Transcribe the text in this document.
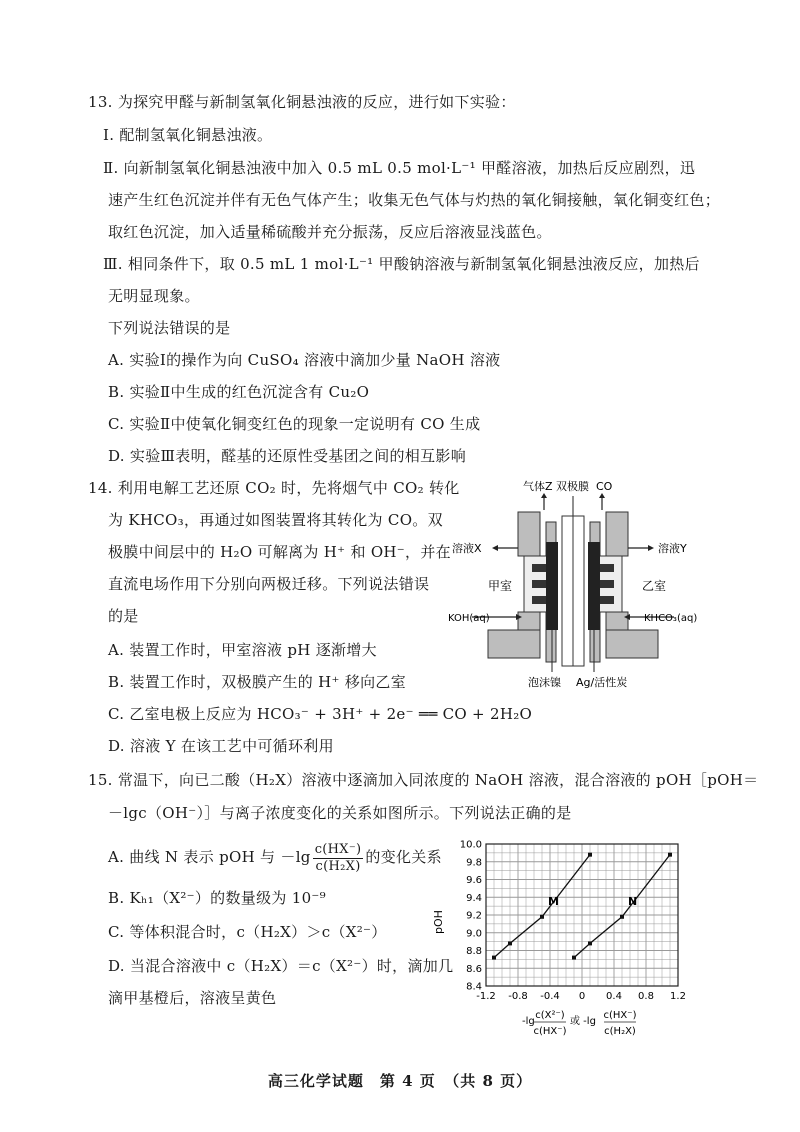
13. 为探究甲醛与新制氢氧化铜悬浊液的反应，进行如下实验：
Ⅰ. 配制氢氧化铜悬浊液。
Ⅱ. 向新制氢氧化铜悬浊液中加入 0.5 mL 0.5 mol·L⁻¹ 甲醛溶液，加热后反应剧烈，迅
速产生红色沉淀并伴有无色气体产生；收集无色气体与灼热的氧化铜接触，氧化铜变红色；
取红色沉淀，加入适量稀硫酸并充分振荡，反应后溶液显浅蓝色。
Ⅲ. 相同条件下，取 0.5 mL 1 mol·L⁻¹ 甲酸钠溶液与新制氢氧化铜悬浊液反应，加热后
无明显现象。
下列说法错误的是
A. 实验Ⅰ的操作为向 CuSO₄ 溶液中滴加少量 NaOH 溶液
B. 实验Ⅱ中生成的红色沉淀含有 Cu₂O
C. 实验Ⅱ中使氧化铜变红色的现象一定说明有 CO 生成
D. 实验Ⅲ表明，醛基的还原性受基团之间的相互影响
14. 利用电解工艺还原 CO₂ 时，先将烟气中 CO₂ 转化
为 KHCO₃，再通过如图装置将其转化为 CO。双
极膜中间层中的 H₂O 可解离为 H⁺ 和 OH⁻，并在
直流电场作用下分别向两极迁移。下列说法错误
的是
A. 装置工作时，甲室溶液 pH 逐渐增大
B. 装置工作时，双极膜产生的 H⁺ 移向乙室
C. 乙室电极上反应为 HCO₃⁻ + 3H⁺ + 2e⁻ ══ CO + 2H₂O
D. 溶液 Y 在该工艺中可循环利用
气体Z 双极膜 CO
溶液X	溶液Y
甲室	乙室
KOH(aq)	KHCO₃(aq)
泡沫镍 Ag/活性炭
15. 常温下，向已二酸（H₂X）溶液中逐滴加入同浓度的 NaOH 溶液，混合溶液的 pOH［pOH＝
－lgc（OH⁻）］与离子浓度变化的关系如图所示。下列说法正确的是
A. 曲线 N 表示 pOH 与 $-\lg \frac{c(HX^-)}{\text{c(H₂X)}}$ 的变化关系
B. Kₕ₁（X²⁻）的数量级为 10⁻⁹
C. 等体积混合时，c（H₂X）＞c（X²⁻）
D. 当混合溶液中 c（H₂X）＝c（X²⁻）时，滴加几
滴甲基橙后，溶液呈黄色	-1.2 -0.8 -0.4 0 0.4 0.8 1.2
8.4
8.6
8.8
9.0
9.2
9.4
9.6
9.8
10.0
M	N
pOH
-lg
c(X²⁻)
c(HX⁻)
或 -lg
c(HX⁻)
c(H₂X)
高三化学试题　第 4 页　（共 8 页）
